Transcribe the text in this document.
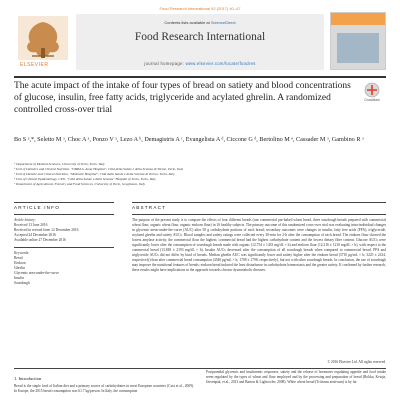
Food Research International 92 (2017) 40–47
ELSEVIER
Contents lists available at ScienceDirect
Food Research International
journal homepage: www.elsevier.com/locate/foodres
The acute impact of the intake of four types of bread on satiety and blood concentrations of glucose, insulin, free fatty acids, triglyceride and acylated ghrelin. A randomized controlled cross-over trial
CrossMark
Bo S ᵃ,*, Seletto M ᵃ, Choc A ᵃ, Ponzo V ᵃ, Lezo A ᵇ, Demagistris A ᶜ, Evangelista A ᵈ, Ciccone G ᵈ, Bertolino M ᵉ, Cassader M ᵃ, Gambino R ᵃ
ᵃ Department of Medical Sciences, University of Turin, Turin, Italy
ᵇ Unit of Dietetics and Clinical Nutrition, "OIRM-S. Anna Hospital", Città della Salute e della Scienza di Torino, Turin, Italy
ᶜ Unit of Dietetic and Clinical Nutrition, "Molinette Hospital", Città della Salute e della Scienza di Torino, Turin, Italy
ᵈ Unit of Clinical Epidemiology, CPO, "Città della Salute e della Scienza" Hospital of Turin, Turin, Italy
ᵉ Department of Agricultural, Forestry and Food Sciences, University of Turin, Grugliasco, Italy
ARTICLE INFO	ABSTRACT
Article history:
Received 13 June 2016
Received in revised form 12 December 2016
Accepted 24 December 2016
Available online 27 December 2016
Keywords:
Bread
Einkorn
Ghrelin
Glycemic area-under-the-curve
Insulin
Sourdough
The purpose of the present study is to compare the effects of four different breads (one commercial par-baked wheat bread, three sourdough breads prepared with commercial wheat flour, organic wheat flour, organic einkorn flour) in 16 healthy subjects. The primary outcome of this randomized cross-over trial was evaluating intra-individual changes in glycemic areas-under-the-curve (AUC) after 50 g carbohydrate portions of each bread; secondary outcomes were changes in insulin, fatty free acids (FFA), triglyceride, acylated ghrelin and satiety AUCs. Blood samples and satiety ratings were collected every 30-min for 2-h after the consumption of each bread. The einkorn flour showed the lowest amylase activity, the commercial flour the highest; commercial bread had the highest carbohydrate content and the lowest dietary fiber content. Glucose AUCs were significantly lower after the consumption of sourdough breads made with organic (12,754 ± 1433 mg/dL × h) and einkorn flour (12,216 ± 1210 mg/dL × h), with respect to the commercial bread (13,849 ± 2193 mg/dL × h). Insulin AUCs decreased after the consumption of all sourdough breads when compared to commercial bread. FFA and triglyceride AUCs did not differ by kind of breads. Median ghrelin AUC was significantly lower and satiety higher after the einkorn bread (3710 pg/mL × h; 3225 ± 2414, respectively) than after commercial bread consumption (4540 pg/mL × h; 1708 ± 1798, respectively), but not with other sourdough breads. In conclusion, the use of sourdough may improve the nutritional features of breads; einkorn bread induced the least disturbance in carbohydrate homeostasis and the greater satiety. If confirmed by further research, these results might have implications in the approach towards chronic dysmetabolic diseases.
© 2016 Elsevier Ltd. All rights reserved.
1. Introduction
Bread is the staple food of Italian diet and a primary source of carbohydrates in most European countries (Cust et al., 2009). In Europe, the 2015 bread consumption was 61.7 kg/person. In Italy, the consumption
Postprandial glycemic and insulinemic responses, satiety and the release of hormones regulating appetite and food intake seem regulated by the types of wheat and flour employed and by the processing and preparation of bread (Rokka, Ketoja, Järvenpää, et al., 2013 and Barton & Lightowler, 2008). White wheat bread (Triticum aestivum) is by far
